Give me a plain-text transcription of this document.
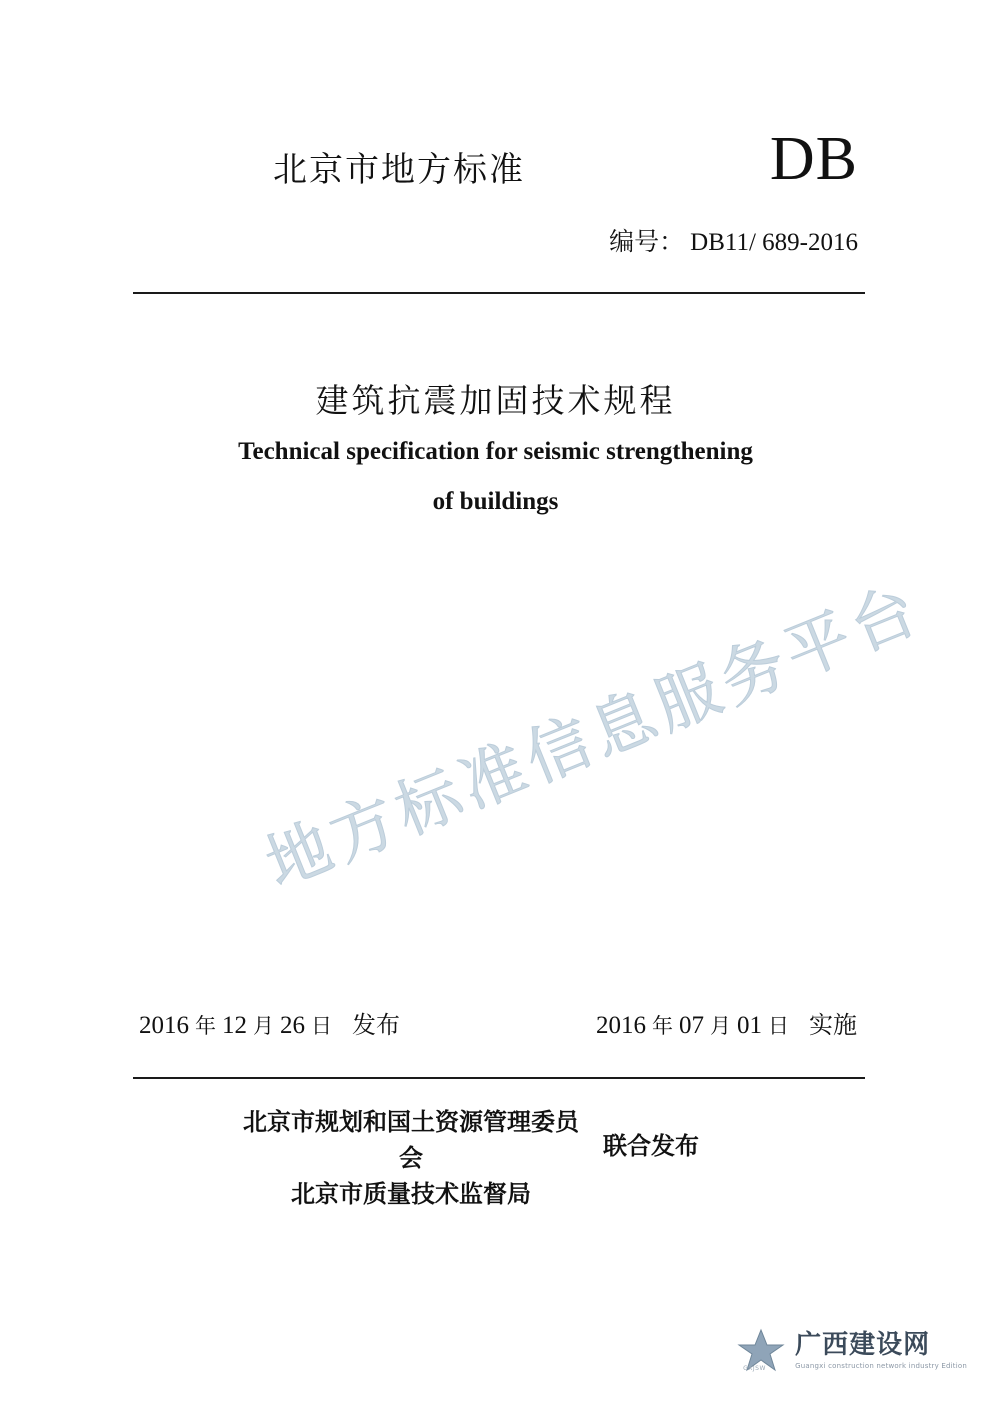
北京市地方标准	DB
编号： DB11/ 689-2016
建筑抗震加固技术规程
Technical specification for seismic strengthening
of buildings
地方标准信息服务平台
2016 年 12 月 26 日 发布	2016 年 07 月 01 日 实施
北京市规划和国土资源管理委员会
北京市质量技术监督局
联合发布
GXJSW
广西建设网
Guangxi construction network industry Edition
